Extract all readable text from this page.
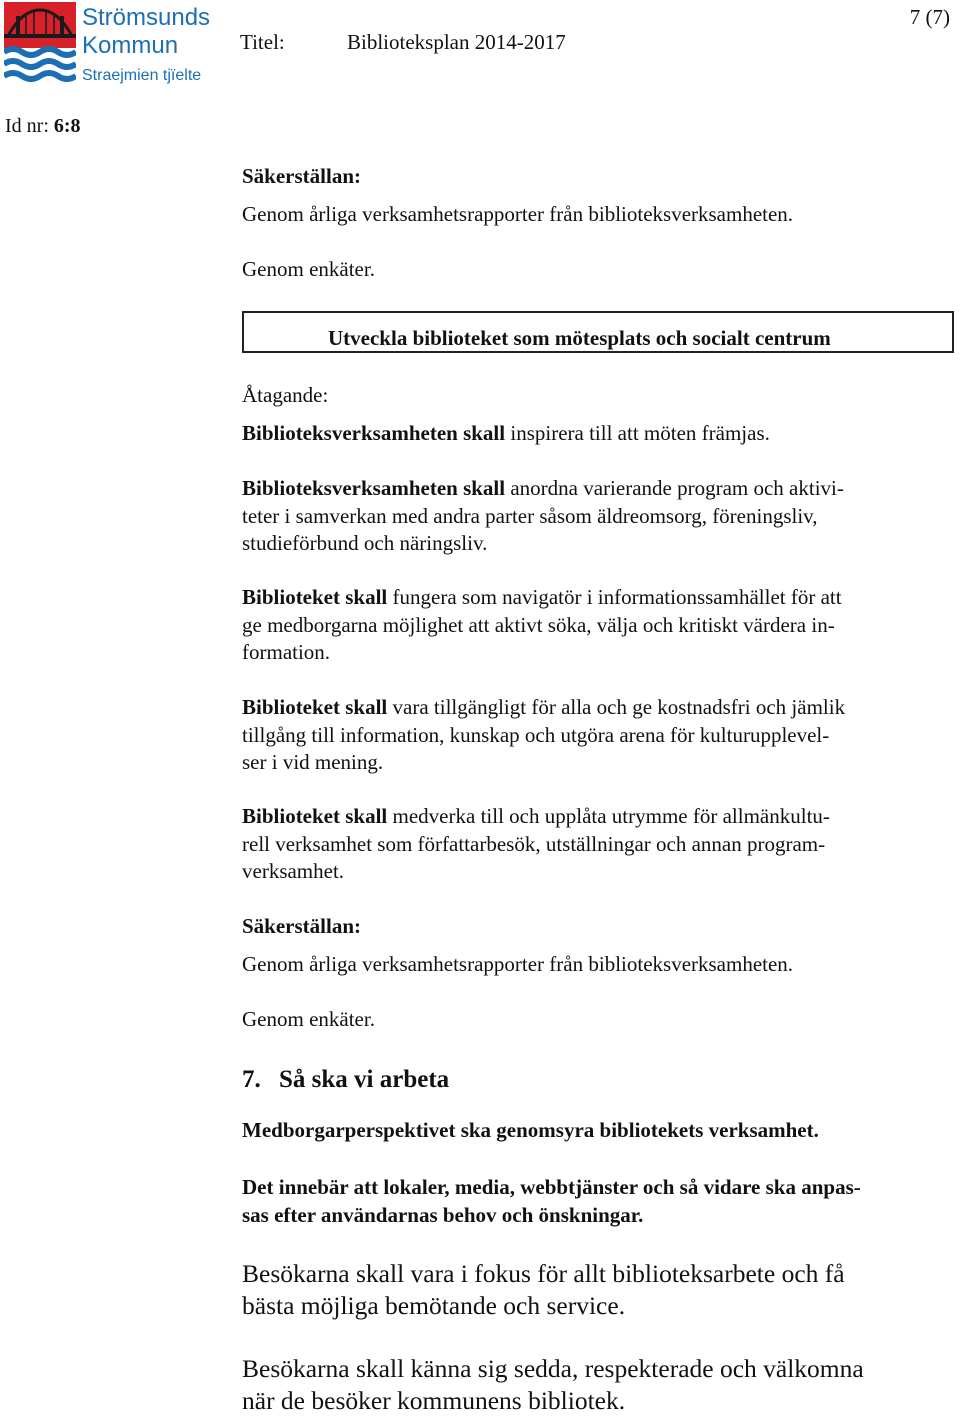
Strömsunds
Kommun
Straejmien tjïelte
Titel:	Biblioteksplan 2014-2017
7 (7)
Id nr: 6:8
Säkerställan:
Genom årliga verksamhetsrapporter från biblioteksverksamheten.
Genom enkäter.
Utveckla biblioteket som mötesplats och socialt centrum
Åtagande:
Biblioteksverksamheten skall inspirera till att möten främjas.
Biblioteksverksamheten skall anordna varierande program och aktivi-
teter i samverkan med andra parter såsom äldreomsorg, föreningsliv,
studieförbund och näringsliv.
Biblioteket skall fungera som navigatör i informationssamhället för att
ge medborgarna möjlighet att aktivt söka, välja och kritiskt värdera in-
formation.
Biblioteket skall vara tillgängligt för alla och ge kostnadsfri och jämlik
tillgång till information, kunskap och utgöra arena för kulturupplevel-
ser i vid mening.
Biblioteket skall medverka till och upplåta utrymme för allmänkultu-
rell verksamhet som författarbesök, utställningar och annan program-
verksamhet.
Säkerställan:
Genom årliga verksamhetsrapporter från biblioteksverksamheten.
Genom enkäter.
7. Så ska vi arbeta
Medborgarperspektivet ska genomsyra bibliotekets verksamhet.
Det innebär att lokaler, media, webbtjänster och så vidare ska anpas-
sas efter användarnas behov och önskningar.
Besökarna skall vara i fokus för allt biblioteksarbete och få
bästa möjliga bemötande och service.
Besökarna skall känna sig sedda, respekterade och välkomna
när de besöker kommunens bibliotek.
